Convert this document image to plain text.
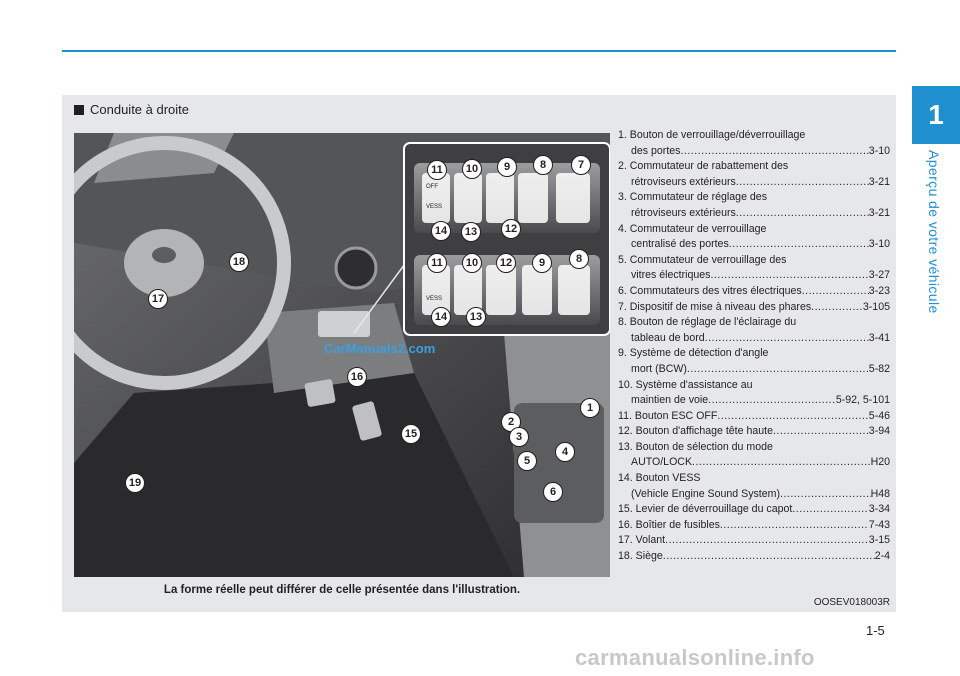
1
Aperçu de votre véhicule
Conduite à droite
OFF
VESS
VESS
1
2
3
4
5
6
15
16
17
18
19
11	10	9	8	7
14	13	12
11	10	12	9	8
14	13
CarManuals2.com
La forme réelle peut différer de celle présentée dans l'illustration.
OOSEV018003R
1. Bouton de verrouillage/déverrouillage
des portes .....	3-10
2. Commutateur de rabattement des
rétroviseurs extérieurs .....	3-21
3. Commutateur de réglage des
rétroviseurs extérieurs .....	3-21
4. Commutateur de verrouillage
centralisé des portes .....	3-10
5. Commutateur de verrouillage des
vitres électriques .....	3-27
6. Commutateurs des vitres électriques .....	3-23
7. Dispositif de mise à niveau des phares .....	3-105
8. Bouton de réglage de l'éclairage du
tableau de bord .....	3-41
9. Système de détection d'angle
mort (BCW) .....	5-82
10. Système d'assistance au
maintien de voie .....	5-92, 5-101
11. Bouton ESC OFF .....	5-46
12. Bouton d'affichage tête haute .....	3-94
13. Bouton de sélection du mode
AUTO/LOCK .....	H20
14. Bouton VESS
(Vehicle Engine Sound System) .....	H48
15. Levier de déverrouillage du capot .....	3-34
16. Boîtier de fusibles .....	7-43
17. Volant .....	3-15
18. Siège .....	2-4
1-5
carmanualsonline.info
